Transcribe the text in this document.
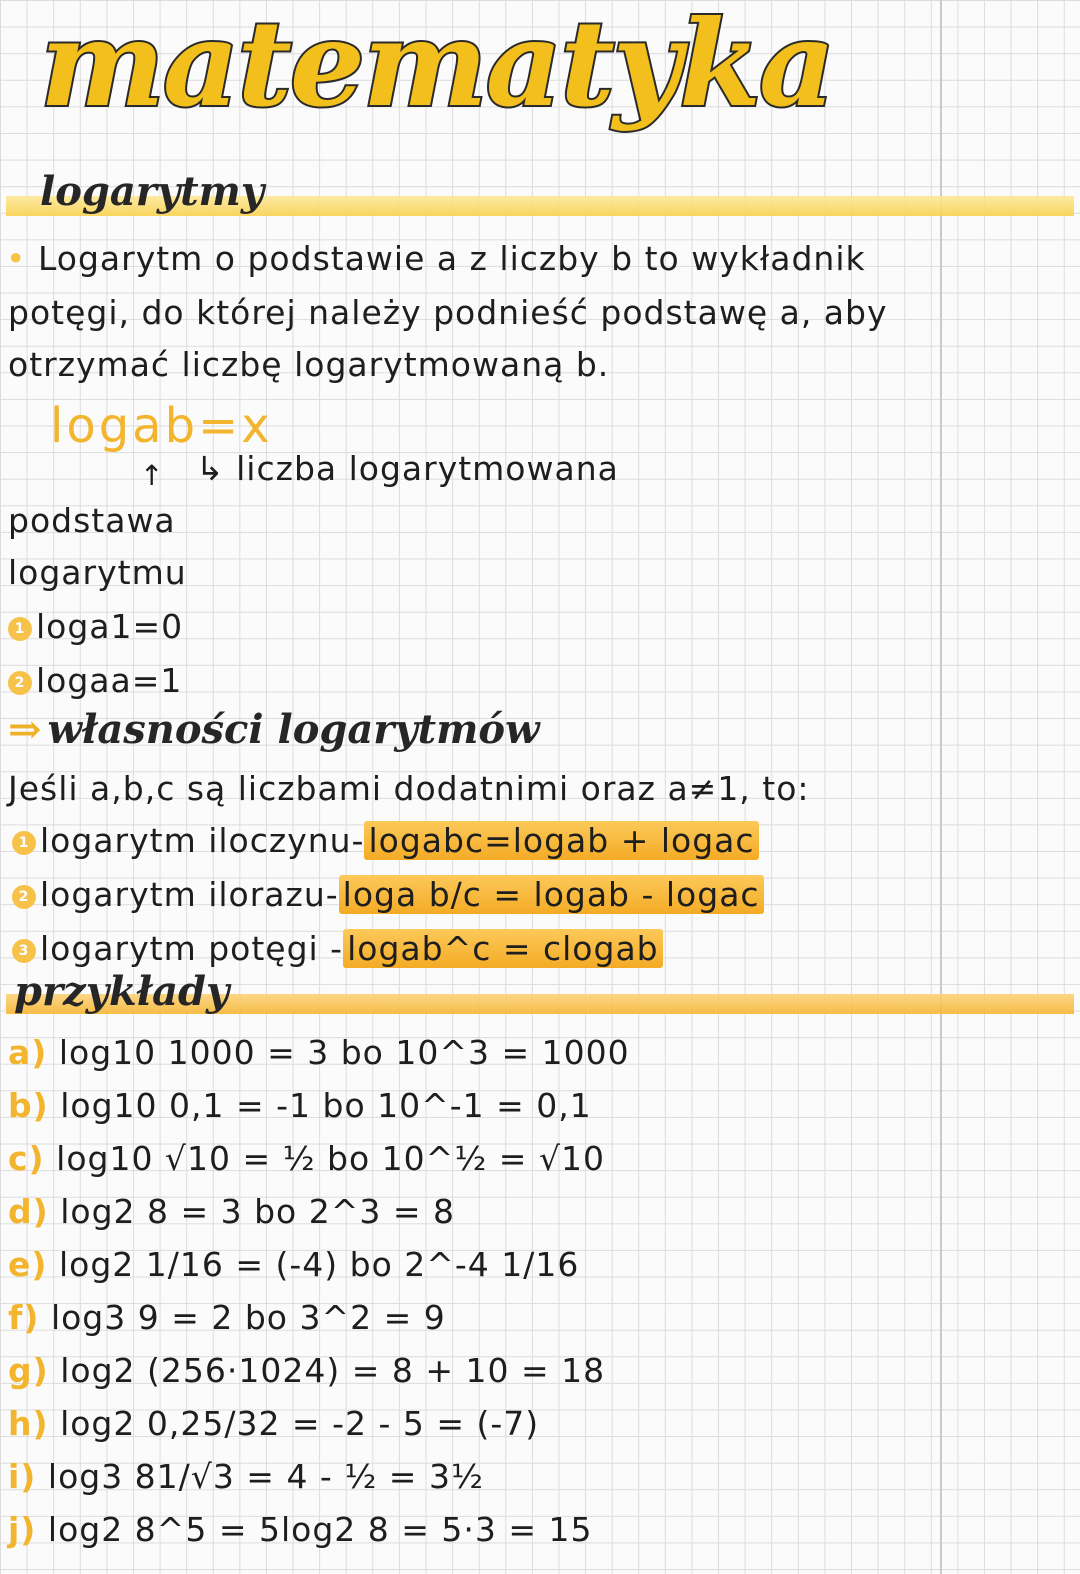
matematyka
logarytmy
• Logarytm o podstawie a z liczby b to wykładnik
potęgi, do której należy podnieść podstawę a, aby
otrzymać liczbę logarytmowaną b.
logab=x
↑ ↳ liczba logarytmowana
podstawa
logarytmu
1 loga1=0
2 logaa=1
⇒ własności logarytmów
Jeśli a,b,c są liczbami dodatnimi oraz a≠1, to:
1 logarytm iloczynu- logabc=logab + logac
2 logarytm ilorazu- loga b/c = logab - logac
3 logarytm potęgi - logab^c = clogab
przykłady
a) log10 1000 = 3 bo 10^3 = 1000
b) log10 0,1 = -1 bo 10^-1 = 0,1
c) log10 √10 = ½ bo 10^½ = √10
d) log2 8 = 3 bo 2^3 = 8
e) log2 1/16 = (-4) bo 2^-4 1/16
f) log3 9 = 2 bo 3^2 = 9
g) log2 (256·1024) = 8 + 10 = 18
h) log2 0,25/32 = -2 - 5 = (-7)
i) log3 81/√3 = 4 - ½ = 3½
j) log2 8^5 = 5log2 8 = 5·3 = 15
